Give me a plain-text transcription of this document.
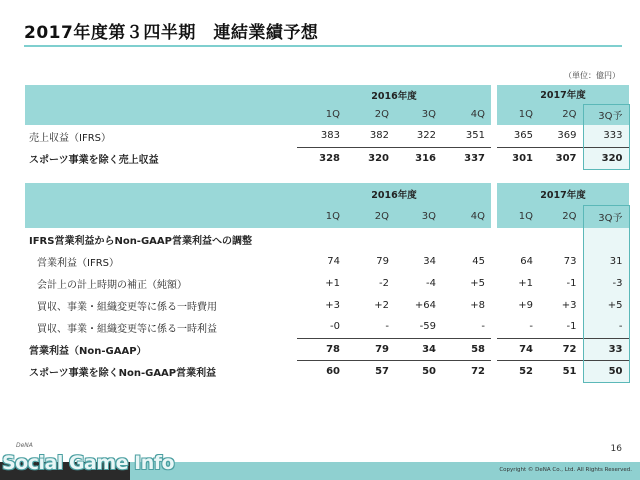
2017年度第３四半期　連結業績予想
（単位：億円）
	2016年度					2017年度		
	1Q	2Q	3Q	4Q		1Q	2Q	3Q予
売上収益（IFRS）	383	382	322	351		365	369	333
スポーツ事業を除く売上収益	328	320	316	337		301	307	320
	2016年度					2017年度		
	1Q	2Q	3Q	4Q		1Q	2Q	3Q予
IFRS営業利益からNon-GAAP営業利益への調整								
営業利益（IFRS）	74	79	34	45		64	73	31
会計上の計上時期の補正（純額）	+1	-2	-4	+5		+1	-1	-3
買収、事業・組織変更等に係る一時費用	+3	+2	+64	+8		+9	+3	+5
買収、事業・組織変更等に係る一時利益	-0	-	-59	-		-	-1	-
営業利益（Non-GAAP）	78	79	34	58		74	72	33
スポーツ事業を除くNon-GAAP営業利益	60	57	50	72		52	51	50
16
Copyright © DeNA Co., Ltd. All Rights Reserved.
DeNA
Social Game Info
